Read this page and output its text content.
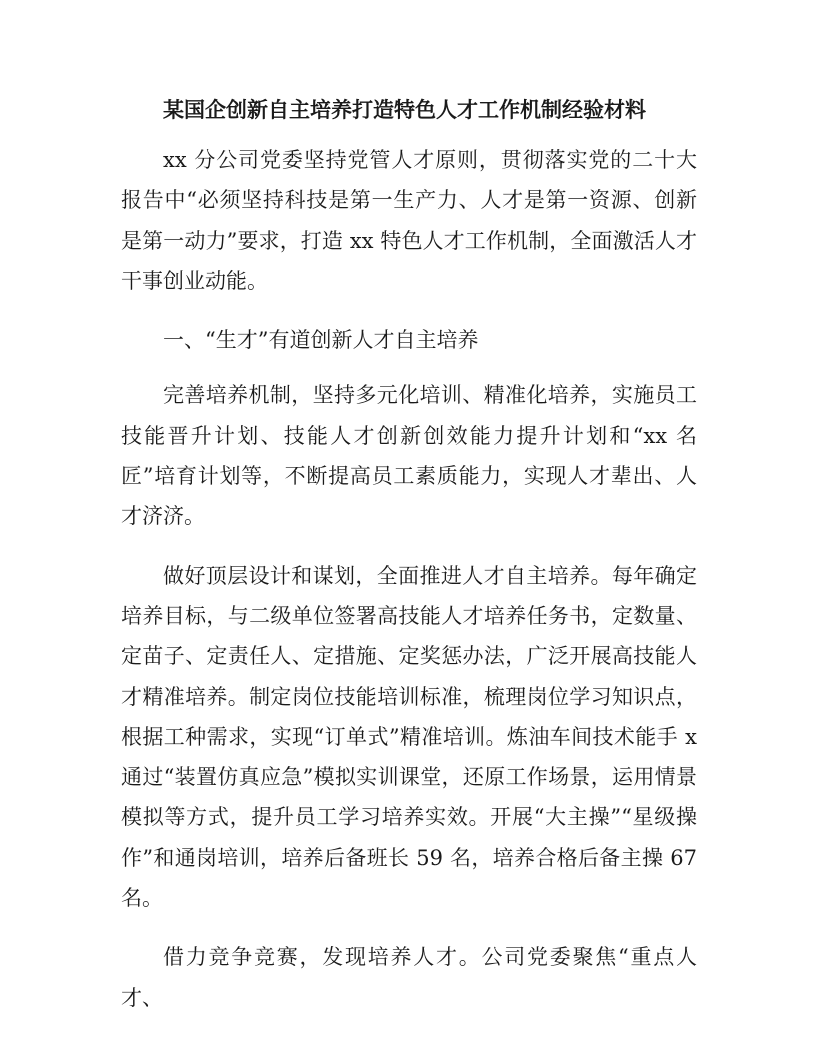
某国企创新自主培养打造特色人才工作机制经验材料

xx 分公司党委坚持党管人才原则，贯彻落实党的二十大报告中“必须坚持科技是第一生产力、人才是第一资源、创新是第一动力”要求，打造 xx 特色人才工作机制，全面激活人才干事创业动能。

一、“生才”有道创新人才自主培养

完善培养机制，坚持多元化培训、精准化培养，实施员工技能晋升计划、技能人才创新创效能力提升计划和“xx 名匠”培育计划等，不断提高员工素质能力，实现人才辈出、人才济济。

做好顶层设计和谋划，全面推进人才自主培养。每年确定培养目标，与二级单位签署高技能人才培养任务书，定数量、定苗子、定责任人、定措施、定奖惩办法，广泛开展高技能人才精准培养。制定岗位技能培训标准，梳理岗位学习知识点，根据工种需求，实现“订单式”精准培训。炼油车间技术能手 x 通过“装置仿真应急”模拟实训课堂，还原工作场景，运用情景模拟等方式，提升员工学习培养实效。开展“大主操”“星级操作”和通岗培训，培养后备班长 59 名，培养合格后备主操 67 名。

借力竞争竞赛，发现培养人才。公司党委聚焦“重点人才、
